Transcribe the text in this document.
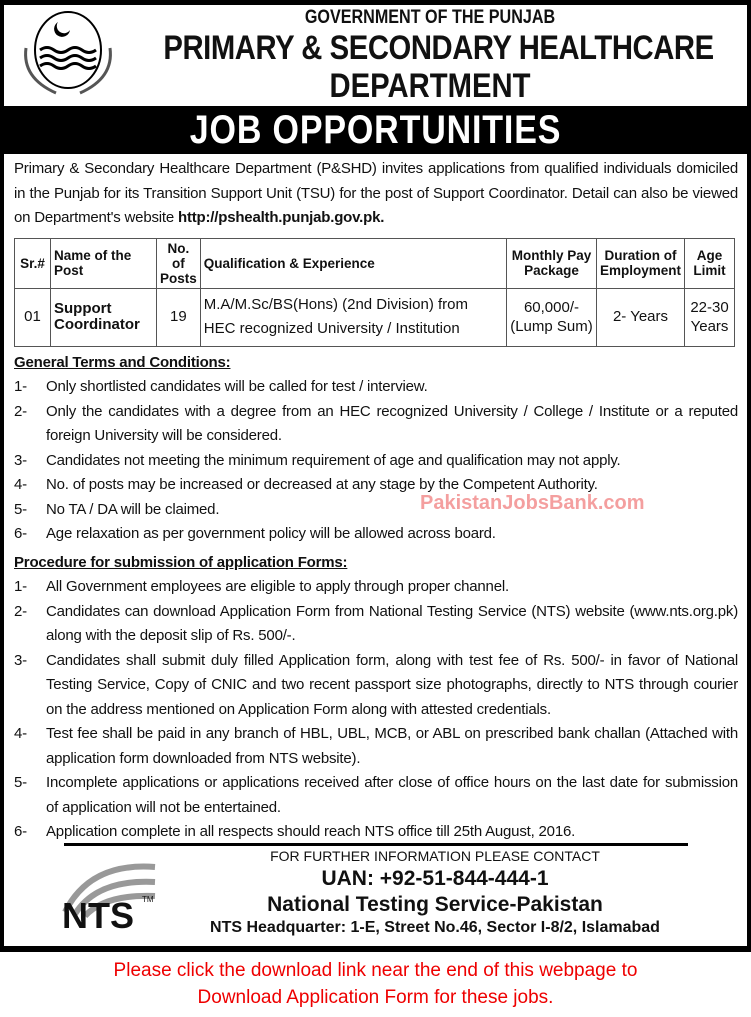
GOVERNMENT OF THE PUNJAB
PRIMARY & SECONDARY HEALTHCARE
DEPARTMENT
JOB OPPORTUNITIES
Primary & Secondary Healthcare Department (P&SHD) invites applications from qualified individuals domiciled in the Punjab for its Transition Support Unit (TSU) for the post of Support Coordinator. Detail can also be viewed on Department's website http://pshealth.punjab.gov.pk.
Sr.#	Name of the Post	No. of Posts	Qualification & Experience	Monthly Pay Package	Duration of Employment	Age Limit
01	Support Coordinator	19	M.A/M.Sc/BS(Hons) (2nd Division) from HEC recognized University / Institution	60,000/- (Lump Sum)	2- Years	22-30 Years
General Terms and Conditions:
1- Only shortlisted candidates will be called for test / interview.
2- Only the candidates with a degree from an HEC recognized University / College / Institute or a reputed foreign University will be considered.
3- Candidates not meeting the minimum requirement of age and qualification may not apply.
4- No. of posts may be increased or decreased at any stage by the Competent Authority.
5- No TA / DA will be claimed.
6- Age relaxation as per government policy will be allowed across board.
Procedure for submission of application Forms:
1- All Government employees are eligible to apply through proper channel.
2- Candidates can download Application Form from National Testing Service (NTS) website (www.nts.org.pk) along with the deposit slip of Rs. 500/-.
3- Candidates shall submit duly filled Application form, along with test fee of Rs. 500/- in favor of National Testing Service, Copy of CNIC and two recent passport size photographs, directly to NTS through courier on the address mentioned on Application Form along with attested credentials.
4- Test fee shall be paid in any branch of HBL, UBL, MCB, or ABL on prescribed bank challan (Attached with application form downloaded from NTS website).
5- Incomplete applications or applications received after close of office hours on the last date for submission of application will not be entertained.
6- Application complete in all respects should reach NTS office till 25th August, 2016.
PakistanJobsBank.com
NTS TM
FOR FURTHER INFORMATION PLEASE CONTACT
UAN: +92-51-844-444-1
National Testing Service-Pakistan
NTS Headquarter: 1-E, Street No.46, Sector I-8/2, Islamabad
Please click the download link near the end of this webpage to
Download Application Form for these jobs.
